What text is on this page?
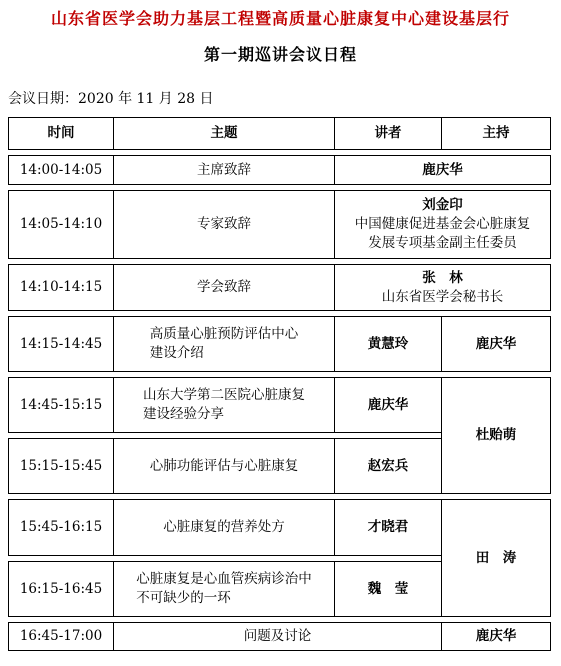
山东省医学会助力基层工程暨高质量心脏康复中心建设基层行
第一期巡讲会议日程
会议日期：2020 年 11 月 28 日
时间	主题	讲者	主持

14:00-14:05	主席致辞	鹿庆华	

14:05-14:10	专家致辞	刘金印
中国健康促进基金会心脏康复
发展专项基金副主任委员	

14:10-14:15	学会致辞	张　林
山东省医学会秘书长	

14:15-14:45	高质量心脏预防评估中心
建设介绍	黄慧玲	鹿庆华

14:45-15:15	山东大学第二医院心脏康复
建设经验分享	鹿庆华	杜贻萌

15:15-15:45	心肺功能评估与心脏康复	赵宏兵	

15:45-16:15	心脏康复的营养处方	才晓君	田　涛

16:15-16:45	心脏康复是心血管疾病诊治中
不可缺少的一环	魏　莹	

16:45-17:00	问题及讨论		鹿庆华
